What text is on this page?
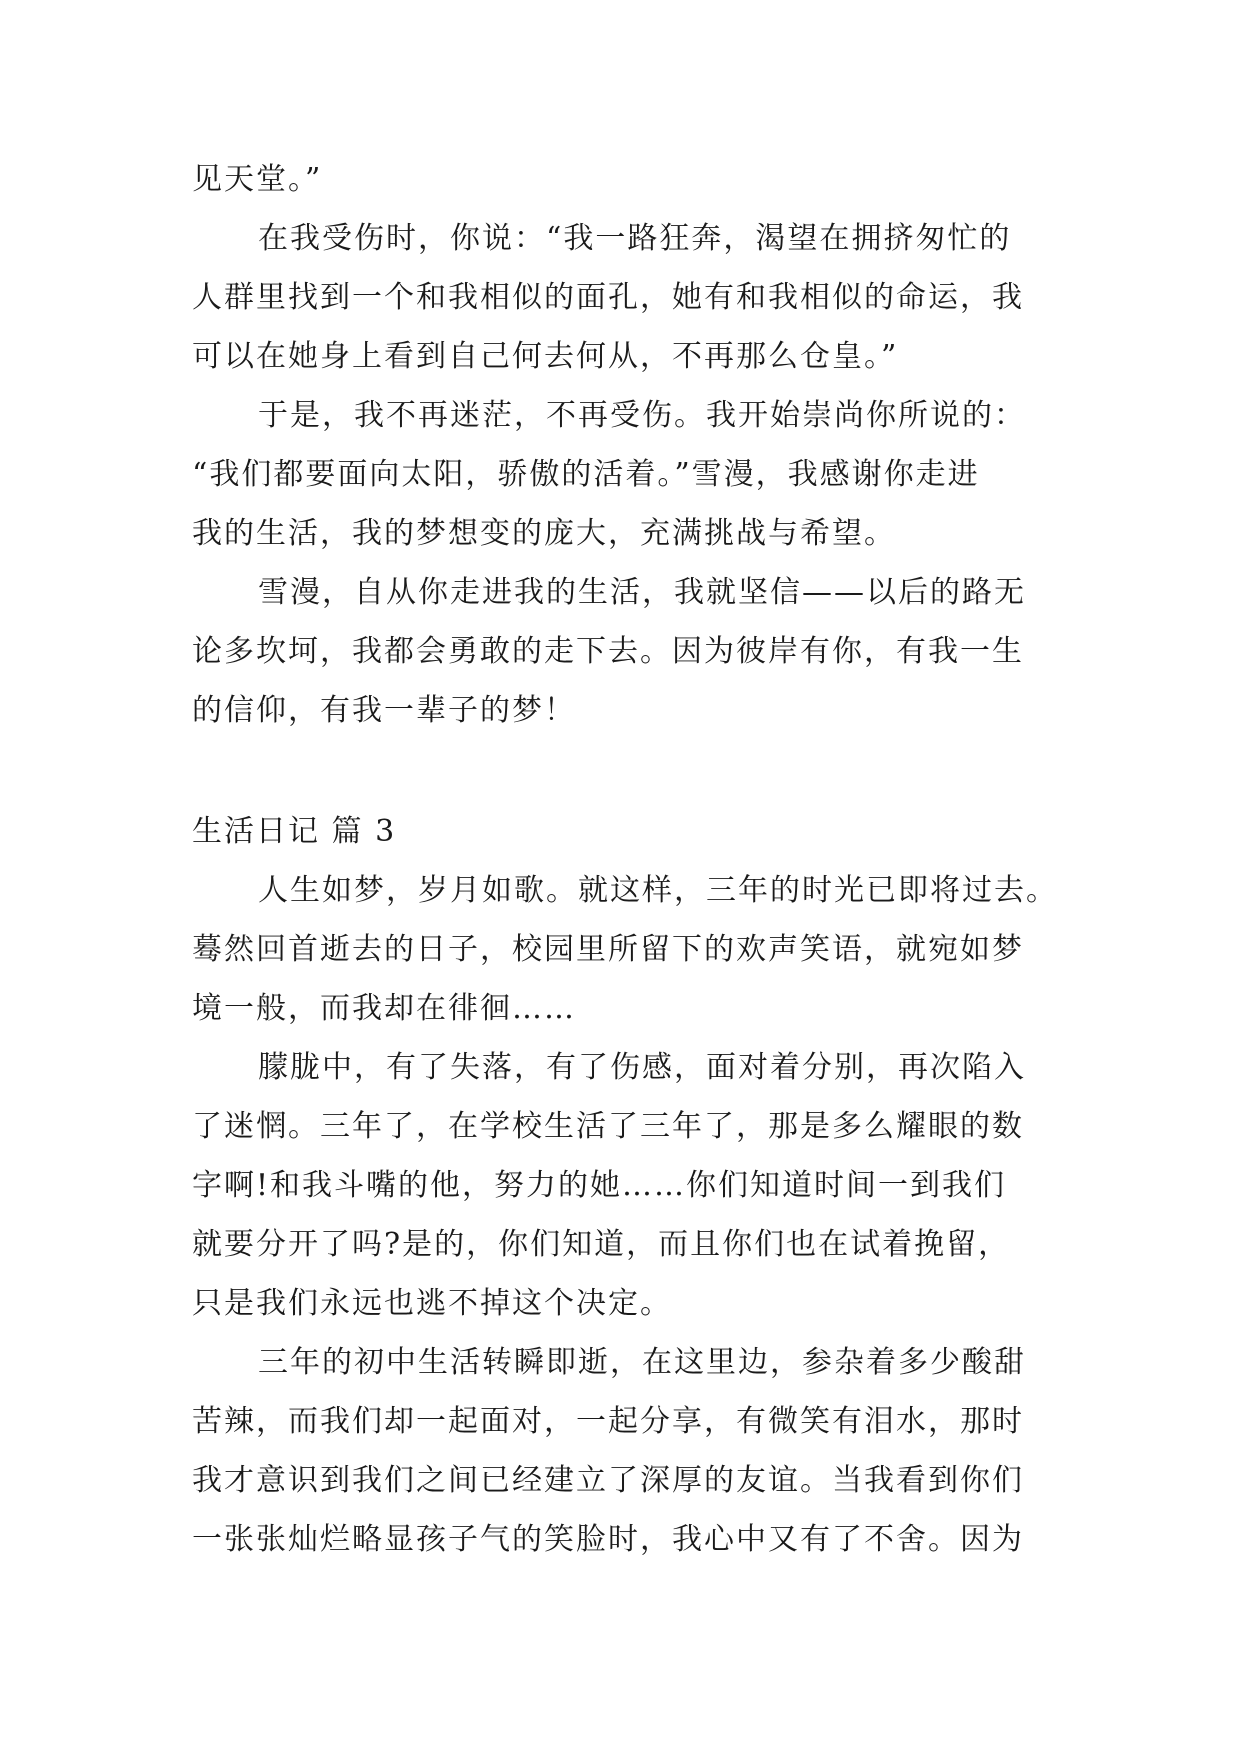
见天堂。”
在我受伤时，你说：“我一路狂奔，渴望在拥挤匆忙的
人群里找到一个和我相似的面孔，她有和我相似的命运，我
可以在她身上看到自己何去何从，不再那么仓皇。”
于是，我不再迷茫，不再受伤。我开始崇尚你所说的：
“我们都要面向太阳，骄傲的活着。”雪漫，我感谢你走进
我的生活，我的梦想变的庞大，充满挑战与希望。
雪漫，自从你走进我的生活，我就坚信——以后的路无
论多坎坷，我都会勇敢的走下去。因为彼岸有你，有我一生
的信仰，有我一辈子的梦！
生活日记 篇 3
人生如梦，岁月如歌。就这样，三年的时光已即将过去。
蓦然回首逝去的日子，校园里所留下的欢声笑语，就宛如梦
境一般，而我却在徘徊……
朦胧中，有了失落，有了伤感，面对着分别，再次陷入
了迷惘。三年了，在学校生活了三年了，那是多么耀眼的数
字啊!和我斗嘴的他，努力的她……你们知道时间一到我们
就要分开了吗?是的，你们知道，而且你们也在试着挽留，
只是我们永远也逃不掉这个决定。
三年的初中生活转瞬即逝，在这里边，参杂着多少酸甜
苦辣，而我们却一起面对，一起分享，有微笑有泪水，那时
我才意识到我们之间已经建立了深厚的友谊。当我看到你们
一张张灿烂略显孩子气的笑脸时，我心中又有了不舍。因为
